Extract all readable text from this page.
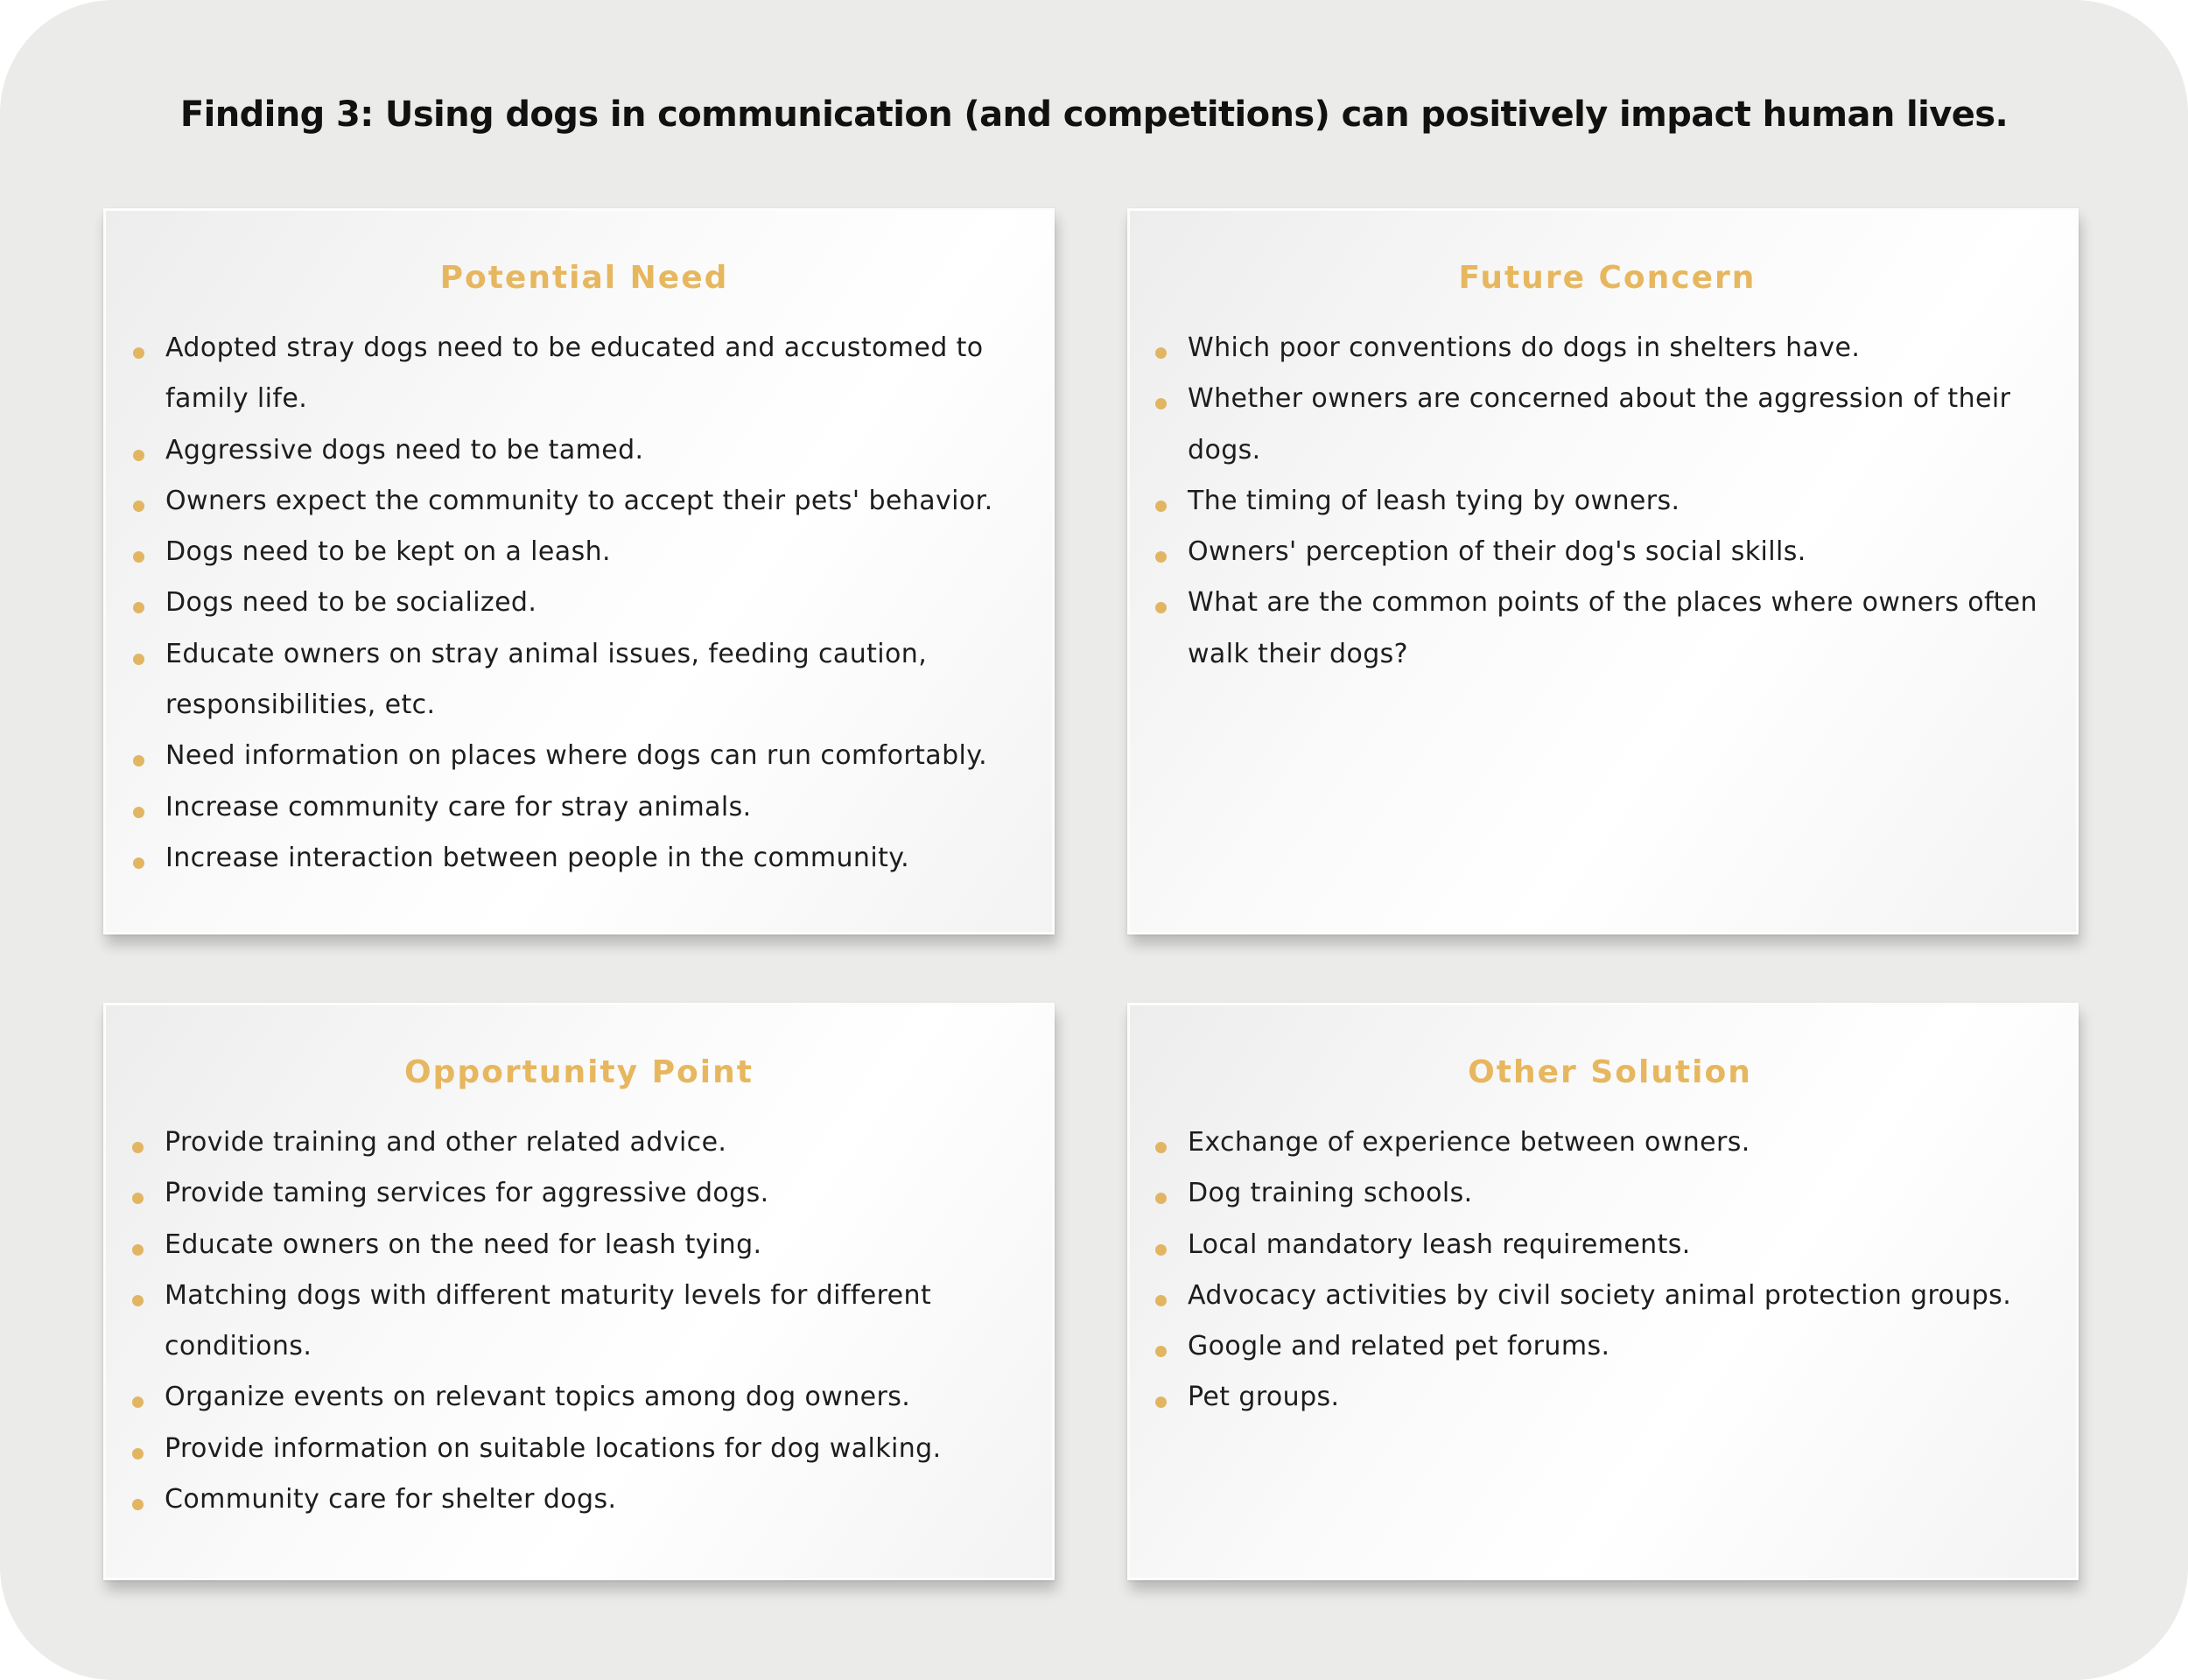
Finding 3: Using dogs in communication (and competitions) can positively impact human lives.
Potential Need
Adopted stray dogs need to be educated and accustomed to family life.
Aggressive dogs need to be tamed.
Owners expect the community to accept their pets' behavior.
Dogs need to be kept on a leash.
Dogs need to be socialized.
Educate owners on stray animal issues, feeding caution, responsibilities, etc.
Need information on places where dogs can run comfortably.
Increase community care for stray animals.
Increase interaction between people in the community.
Future Concern
Which poor conventions do dogs in shelters have.
Whether owners are concerned about the aggression of their dogs.
The timing of leash tying by owners.
Owners' perception of their dog's social skills.
What are the common points of the places where owners often walk their dogs?
Opportunity Point
Provide training and other related advice.
Provide taming services for aggressive dogs.
Educate owners on the need for leash tying.
Matching dogs with different maturity levels for different conditions.
Organize events on relevant topics among dog owners.
Provide information on suitable locations for dog walking.
Community care for shelter dogs.
Other Solution
Exchange of experience between owners.
Dog training schools.
Local mandatory leash requirements.
Advocacy activities by civil society animal protection groups.
Google and related pet forums.
Pet groups.
